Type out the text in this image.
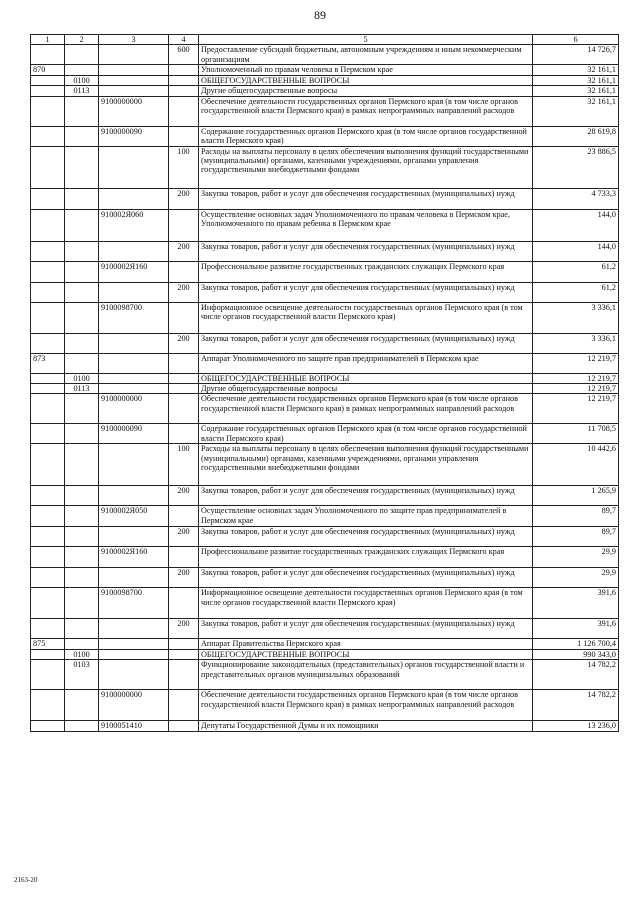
89
1	2	3	4	5	6
			600	Предоставление субсидий бюджетным, автономным учреждениям и иным некоммерческим организациям	14 726,7
870				Уполномоченный по правам человека в Пермском крае	32 161,1
	0100			ОБЩЕГОСУДАРСТВЕННЫЕ ВОПРОСЫ	32 161,1
	0113			Другие общегосударственные вопросы	32 161,1
		9100000000		Обеспечение деятельности государственных органов Пермского края (в том числе органов государственной власти Пермского края) в рамках непрограммных направлений расходов	32 161,1
		9100000090		Содержание государственных органов Пермского края (в том числе органов государственной власти Пермского края)	28 619,8
			100	Расходы на выплаты персоналу в целях обеспечения выполнения функций государственными (муниципальными) органами, казенными учреждениями, органами управления государственными внебюджетными фондами	23 886,5
			200	Закупка товаров, работ и услуг для обеспечения государственных (муниципальных) нужд	4 733,3
		910002Я060		Осуществление основных задач Уполномоченного по правам человека в Пермском крае, Уполномоченного по правам ребенка в Пермском крае	144,0
			200	Закупка товаров, работ и услуг для обеспечения государственных (муниципальных) нужд	144,0
		9100002Я160		Профессиональное развитие государственных гражданских служащих Пермского края	61,2
			200	Закупка товаров, работ и услуг для обеспечения государственных (муниципальных) нужд	61,2
		9100098700		Информационное освещение деятельности государственных органов Пермского края (в том числе органов государственной власти Пермского края)	3 336,1
			200	Закупка товаров, работ и услуг для обеспечения государственных (муниципальных) нужд	3 336,1
873				Аппарат Уполномоченного по защите прав предпринимателей в Пермском крае	12 219,7
	0100			ОБЩЕГОСУДАРСТВЕННЫЕ ВОПРОСЫ	12 219,7
	0113			Другие общегосударственные вопросы	12 219,7
		9100000000		Обеспечение деятельности государственных органов Пермского края (в том числе органов государственной власти Пермского края) в рамках непрограммных направлений расходов	12 219,7
		9100000090		Содержание государственных органов Пермского края (в том числе органов государственной власти Пермского края)	11 708,5
			100	Расходы на выплаты персоналу в целях обеспечения выполнения функций государственными (муниципальными) органами, казенными учреждениями, органами управления государственными внебюджетными фондами	10 442,6
			200	Закупка товаров, работ и услуг для обеспечения государственных (муниципальных) нужд	1 265,9
		9100002Я050		Осуществление основных задач Уполномоченного по защите прав предпринимателей в Пермском крае	89,7
			200	Закупка товаров, работ и услуг для обеспечения государственных (муниципальных) нужд	89,7
		9100002Я160		Профессиональное развитие государственных гражданских служащих Пермского края	29,9
			200	Закупка товаров, работ и услуг для обеспечения государственных (муниципальных) нужд	29,9
		9100098700		Информационное освещение деятельности государственных органов Пермского края (в том числе органов государственной власти Пермского края)	391,6
			200	Закупка товаров, работ и услуг для обеспечения государственных (муниципальных) нужд	391,6
875				Аппарат Правительства Пермского края	1 126 700,4
	0100			ОБЩЕГОСУДАРСТВЕННЫЕ ВОПРОСЫ	990 343,0
	0103			Функционирование законодательных (представительных) органов государственной власти и представительных органов муниципальных образований	14 782,2
		9100000000		Обеспечение деятельности государственных органов Пермского края (в том числе органов государственной власти Пермского края) в рамках непрограммных направлений расходов	14 782,2
		9100051410		Депутаты Государственной Думы и их помощники	13 236,0
2163-20
